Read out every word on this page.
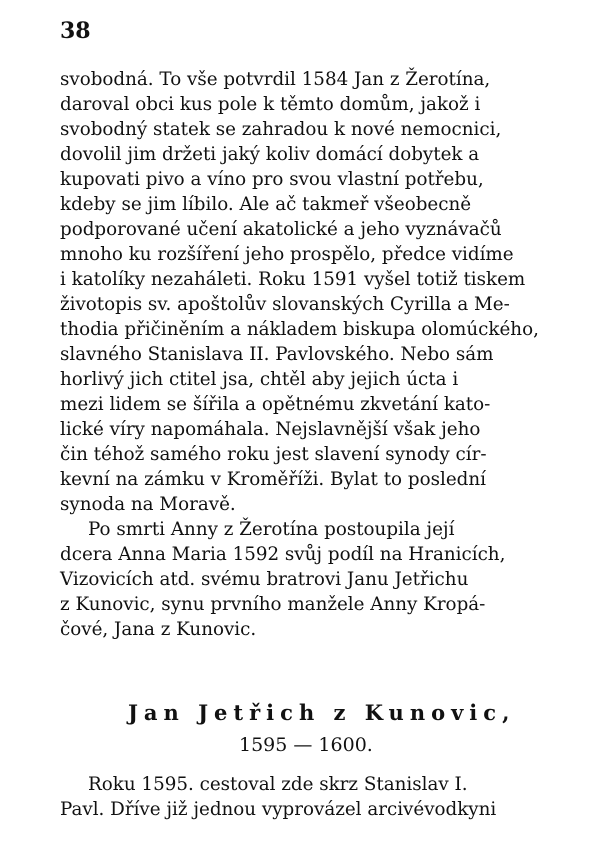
38
svobodná. To vše potvrdil 1584 Jan z Žerotína,
daroval obci kus pole k těmto domům, jakož i
svobodný statek se zahradou k nové nemocnici,
dovolil jim držeti jaký koliv domácí dobytek a
kupovati pivo a víno pro svou vlastní potřebu,
kdeby se jim líbilo. Ale ač takmeř všeobecně
podporované učení akatolické a jeho vyznávačů
mnoho ku rozšíření jeho prospělo, předce vidíme
i katolíky nezaháleti. Roku 1591 vyšel totiž tiskem
životopis sv. apoštolův slovanských Cyrilla a Me-
thodia přičiněním a nákladem biskupa olomúckého,
slavného Stanislava II. Pavlovského. Nebo sám
horlivý jich ctitel jsa, chtěl aby jejich úcta i
mezi lidem se šířila a opětnému zkvetání kato-
lické víry napomáhala. Nejslavnější však jeho
čin téhož samého roku jest slavení synody cír-
kevní na zámku v Kroměříži. Bylat to poslední
synoda na Moravě.
Po smrti Anny z Žerotína postoupila její
dcera Anna Maria 1592 svůj podíl na Hranicích,
Vizovicích atd. svému bratrovi Janu Jetřichu
z Kunovic, synu prvního manžele Anny Kropá-
čové, Jana z Kunovic.
Jan Jetřich z Kunovic,
1595 — 1600.
Roku 1595. cestoval zde skrz Stanislav I.
Pavl. Dříve již jednou vyprovázel arcivévodkyni
